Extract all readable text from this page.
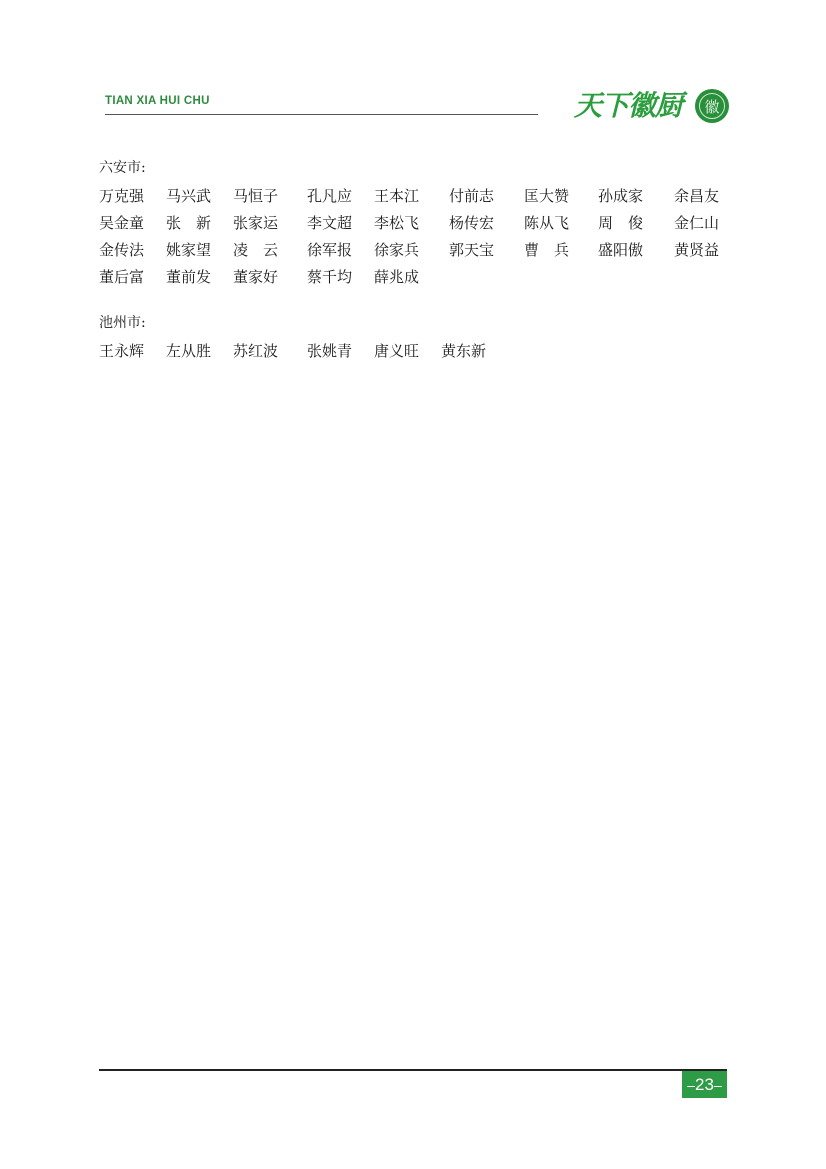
TIAN XIA HUI CHU	天下徽厨	徽
六安市:
池州市:
万克强 马兴武 马恒子 孔凡应 王本江 付前志 匡大赞 孙成家 余昌友
吴金童 张　新 张家运 李文超 李松飞 杨传宏 陈从飞 周　俊 金仁山
金传法 姚家望 凌　云 徐军报 徐家兵 郭天宝 曹　兵 盛阳傲 黄贤益
董后富 董前发 董家好 蔡千均 薛兆成
王永辉 左从胜 苏红波 张姚青 唐义旺 黄东新
– 23 –
